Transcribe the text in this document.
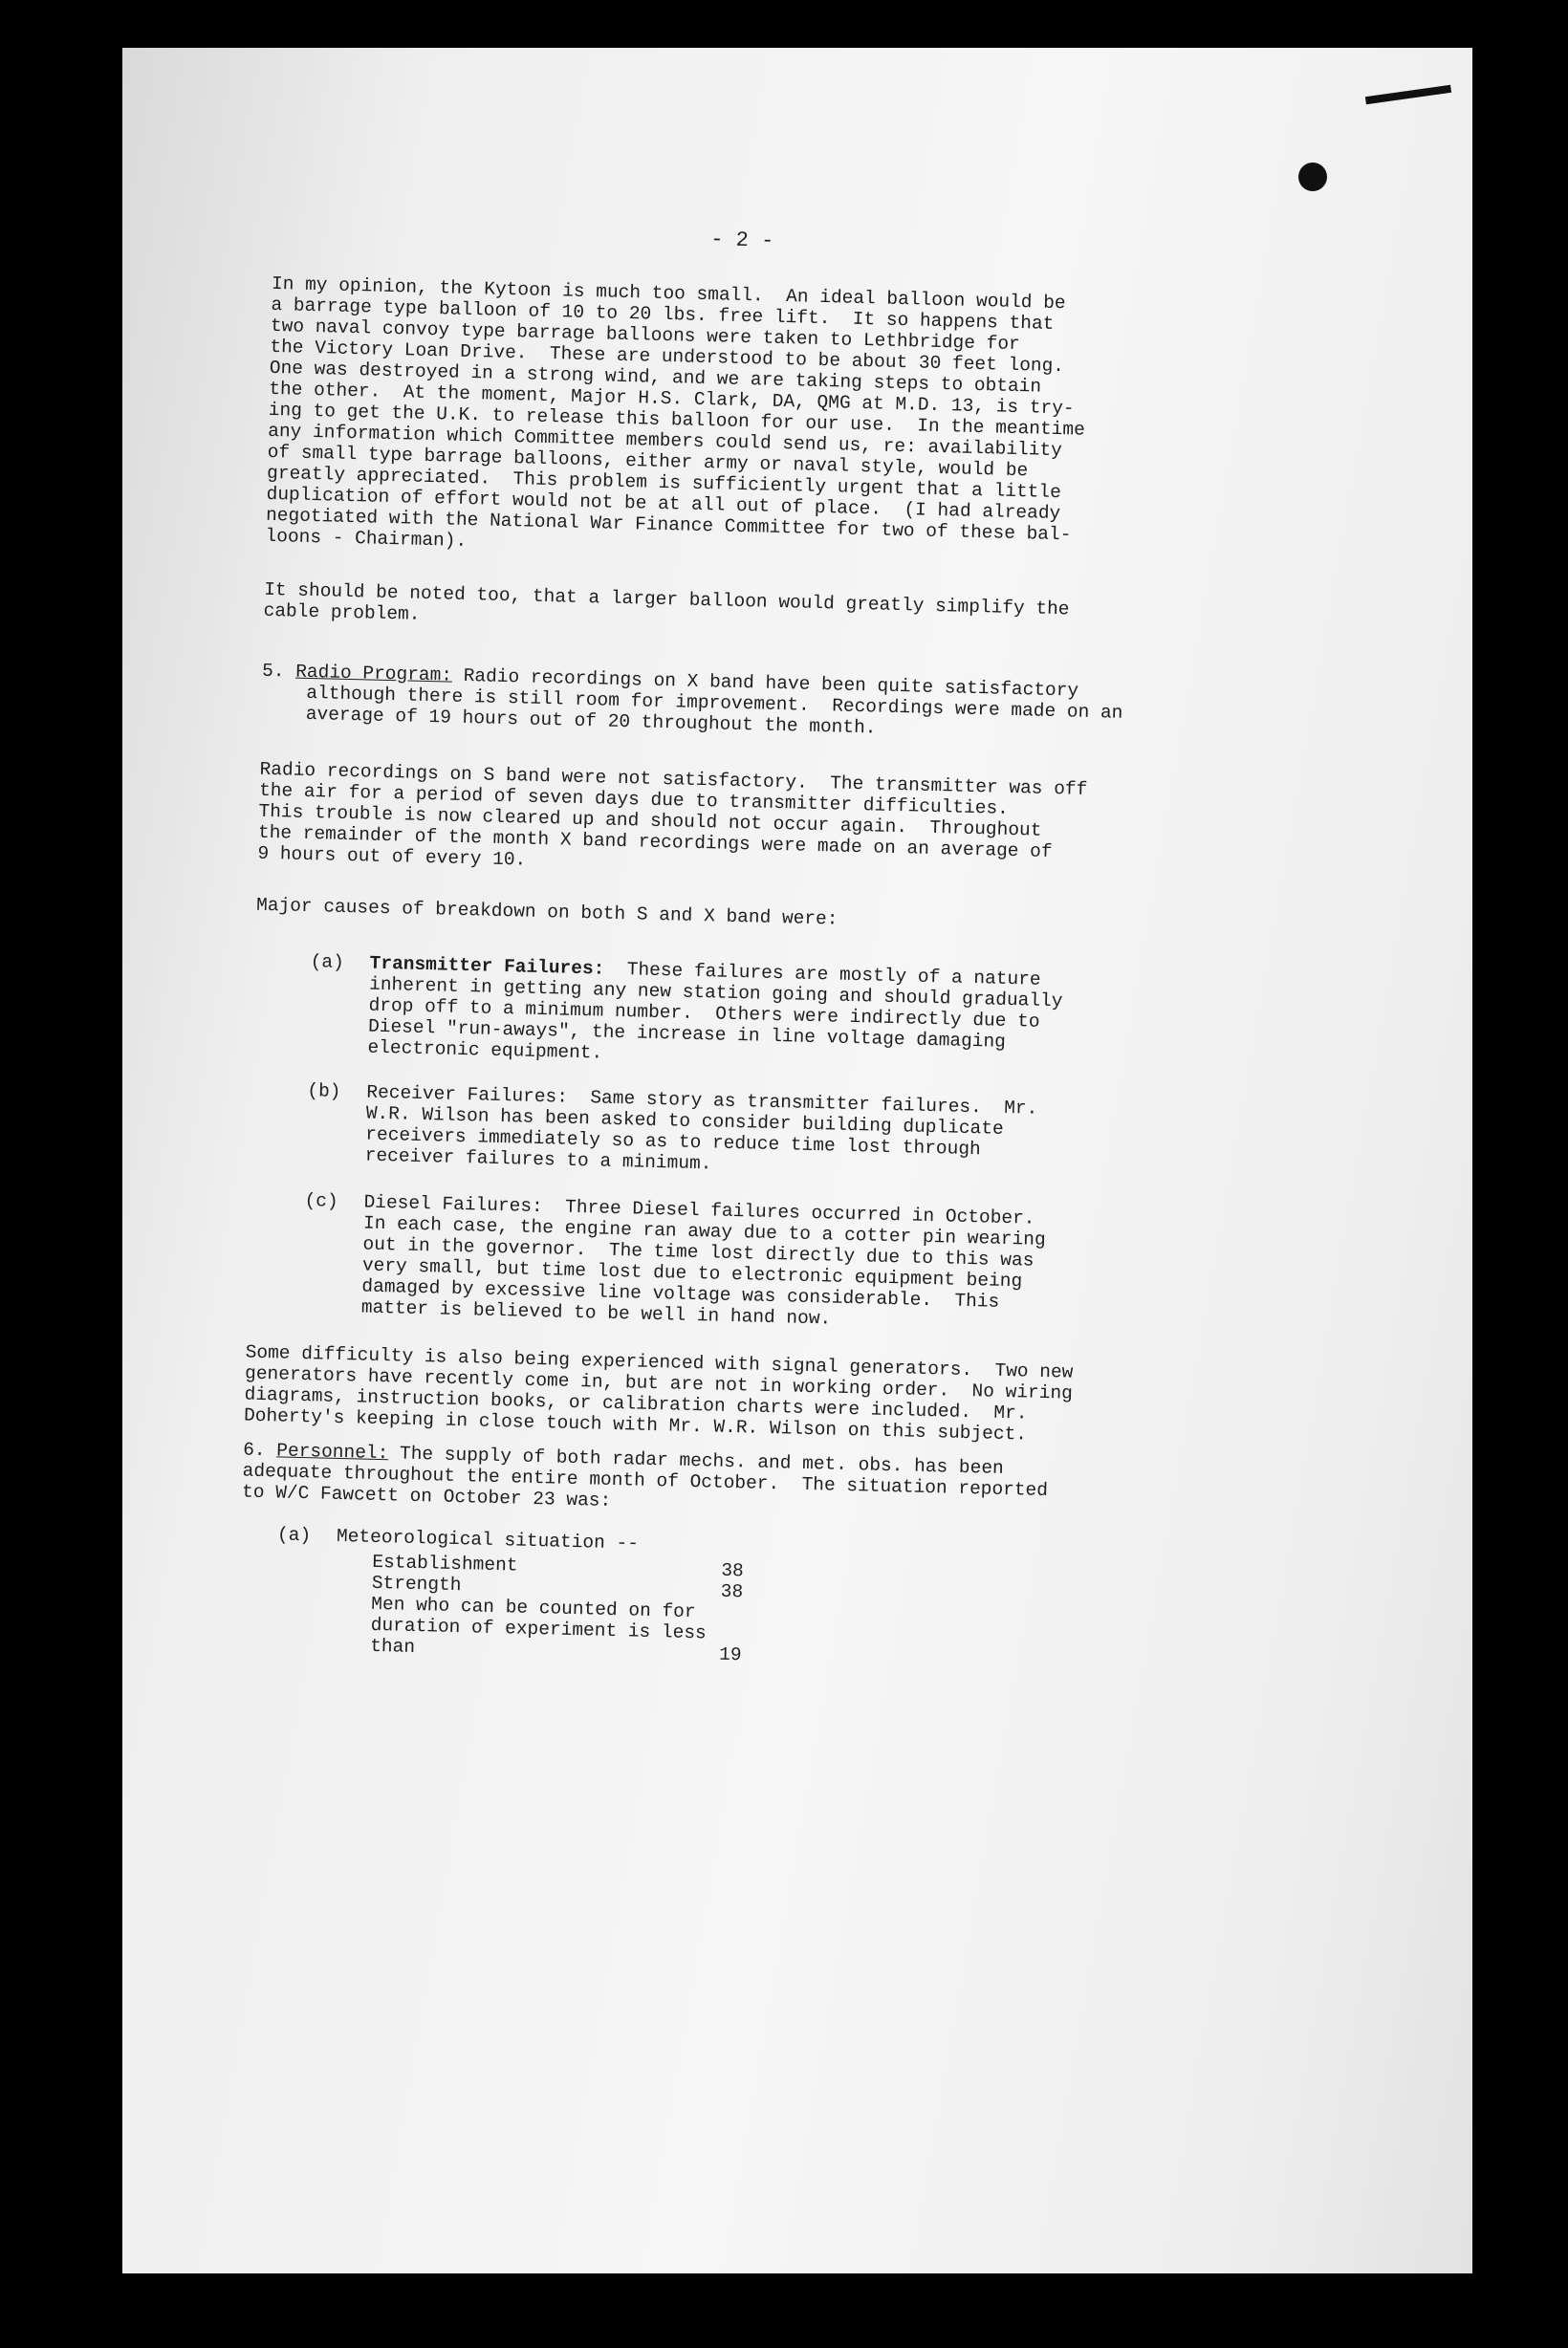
- 2 -

In my opinion, the Kytoon is much too small.  An ideal balloon would be
a barrage type balloon of 10 to 20 lbs. free lift.  It so happens that
two naval convoy type barrage balloons were taken to Lethbridge for
the Victory Loan Drive.  These are understood to be about 30 feet long.
One was destroyed in a strong wind, and we are taking steps to obtain
the other.  At the moment, Major H.S. Clark, DA, QMG at M.D. 13, is try-
ing to get the U.K. to release this balloon for our use.  In the meantime
any information which Committee members could send us, re: availability
of small type barrage balloons, either army or naval style, would be
greatly appreciated.  This problem is sufficiently urgent that a little
duplication of effort would not be at all out of place.  (I had already
negotiated with the National War Finance Committee for two of these bal-
loons - Chairman).

It should be noted too, that a larger balloon would greatly simplify the
cable problem.

5. Radio Program: Radio recordings on X band have been quite satisfactory
although there is still room for improvement.  Recordings were made on an
average of 19 hours out of 20 throughout the month.

Radio recordings on S band were not satisfactory.  The transmitter was off
the air for a period of seven days due to transmitter difficulties.
This trouble is now cleared up and should not occur again.  Throughout
the remainder of the month X band recordings were made on an average of
9 hours out of every 10.

Major causes of breakdown on both S and X band were:

(a) Transmitter Failures:  These failures are mostly of a nature
inherent in getting any new station going and should gradually
drop off to a minimum number.  Others were indirectly due to
Diesel "run-aways", the increase in line voltage damaging
electronic equipment.
(b) Receiver Failures:  Same story as transmitter failures.  Mr.
W.R. Wilson has been asked to consider building duplicate
receivers immediately so as to reduce time lost through
receiver failures to a minimum.
(c) Diesel Failures:  Three Diesel failures occurred in October.
In each case, the engine ran away due to a cotter pin wearing
out in the governor.  The time lost directly due to this was
very small, but time lost due to electronic equipment being
damaged by excessive line voltage was considerable.  This
matter is believed to be well in hand now.

Some difficulty is also being experienced with signal generators.  Two new
generators have recently come in, but are not in working order.  No wiring
diagrams, instruction books, or calibration charts were included.  Mr.
Doherty's keeping in close touch with Mr. W.R. Wilson on this subject.

6. Personnel: The supply of both radar mechs. and met. obs. has been
adequate throughout the entire month of October.  The situation reported
to W/C Fawcett on October 23 was:
(a) Meteorological situation --
Establishment	38
Strength	38
Men who can be counted on for
duration of experiment is less
than	19
